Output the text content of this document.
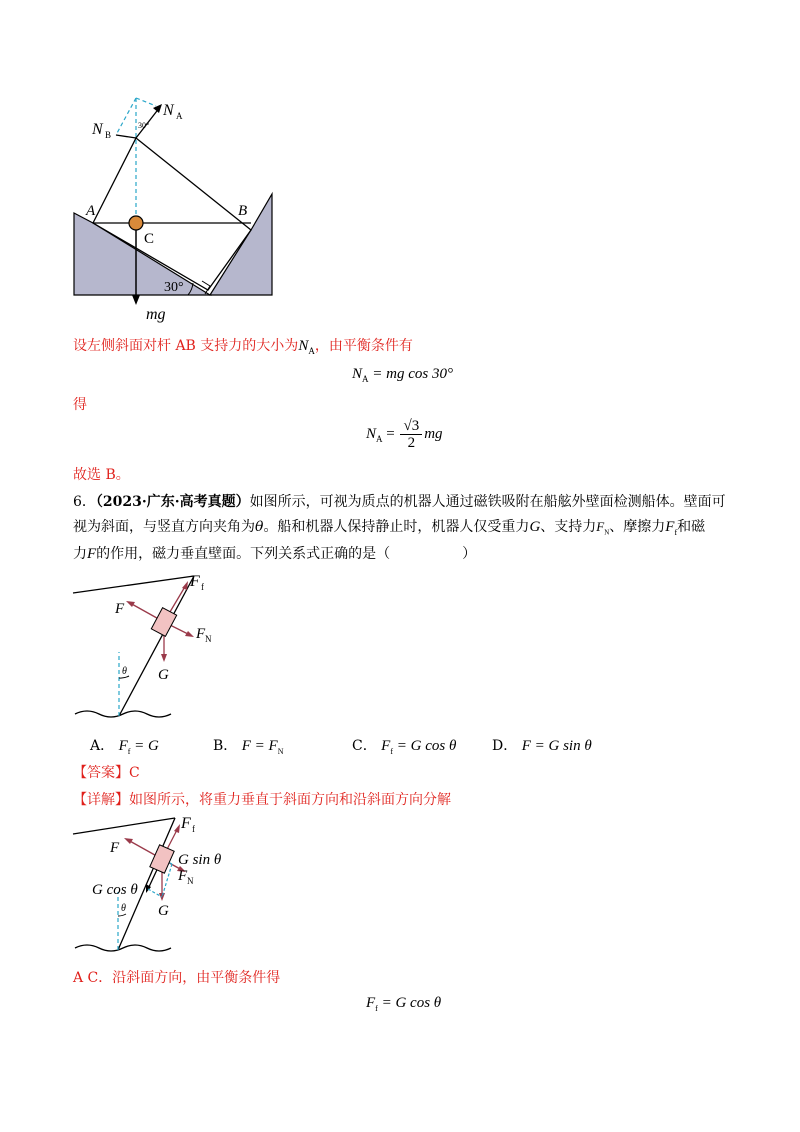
N B
N A
30°
A	B
C
30°
mg
设左侧斜面对杆 AB 支持力的大小为$N_A$，由平衡条件有
$N_A$ = mg cos 30°
得
$N_A = \frac{√3}{2}$ mg
故选 B。
6．（2023·广东·高考真题）如图所示，可视为质点的机器人通过磁铁吸附在船舷外壁面检测船体。壁面可
视为斜面，与竖直方向夹角为θ。船和机器人保持静止时，机器人仅受重力G、支持力$F_N$、摩擦力$F_f$和磁
力F的作用，磁力垂直壁面。下列关系式正确的是（	）
F f
F
F N
G
θ
A． $F_f = G$	B． $F = F_N$	C． $F_f = G$ cos θ	D． F = G sin θ
【答案】C
【详解】如图所示，将重力垂直于斜面方向和沿斜面方向分解
F f
F
G sin θ
F N
G cos θ
θ G
A C．沿斜面方向，由平衡条件得
$F_f = G$ cos θ
